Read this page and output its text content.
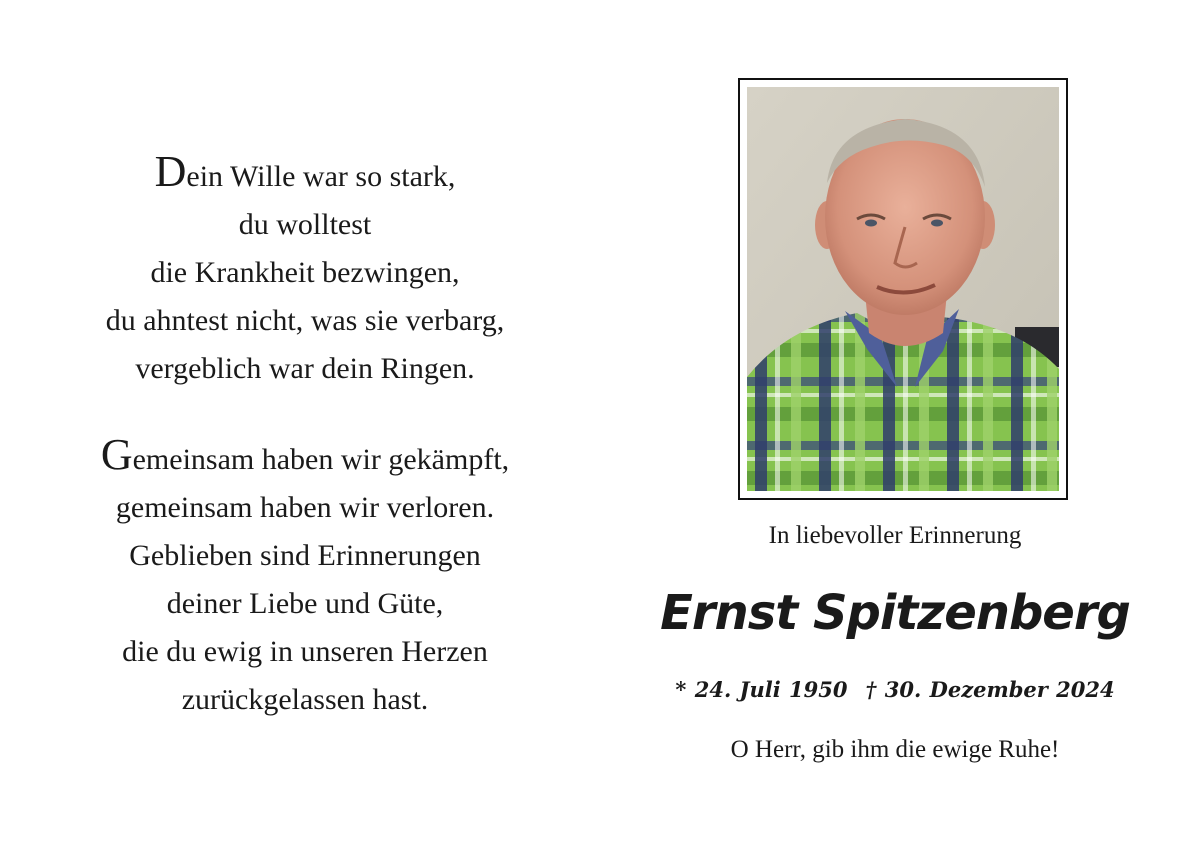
Dein Wille war so stark,
du wolltest
die Krankheit bezwingen,
du ahntest nicht, was sie verbarg,
vergeblich war dein Ringen.

Gemeinsam haben wir gekämpft,
gemeinsam haben wir verloren.
Geblieben sind Erinnerungen
deiner Liebe und Güte,
die du ewig in unseren Herzen
zurückgelassen hast.

In liebevoller Erinnerung
Ernst Spitzenberg
* 24. Juli 1950 † 30. Dezember 2024
O Herr, gib ihm die ewige Ruhe!
